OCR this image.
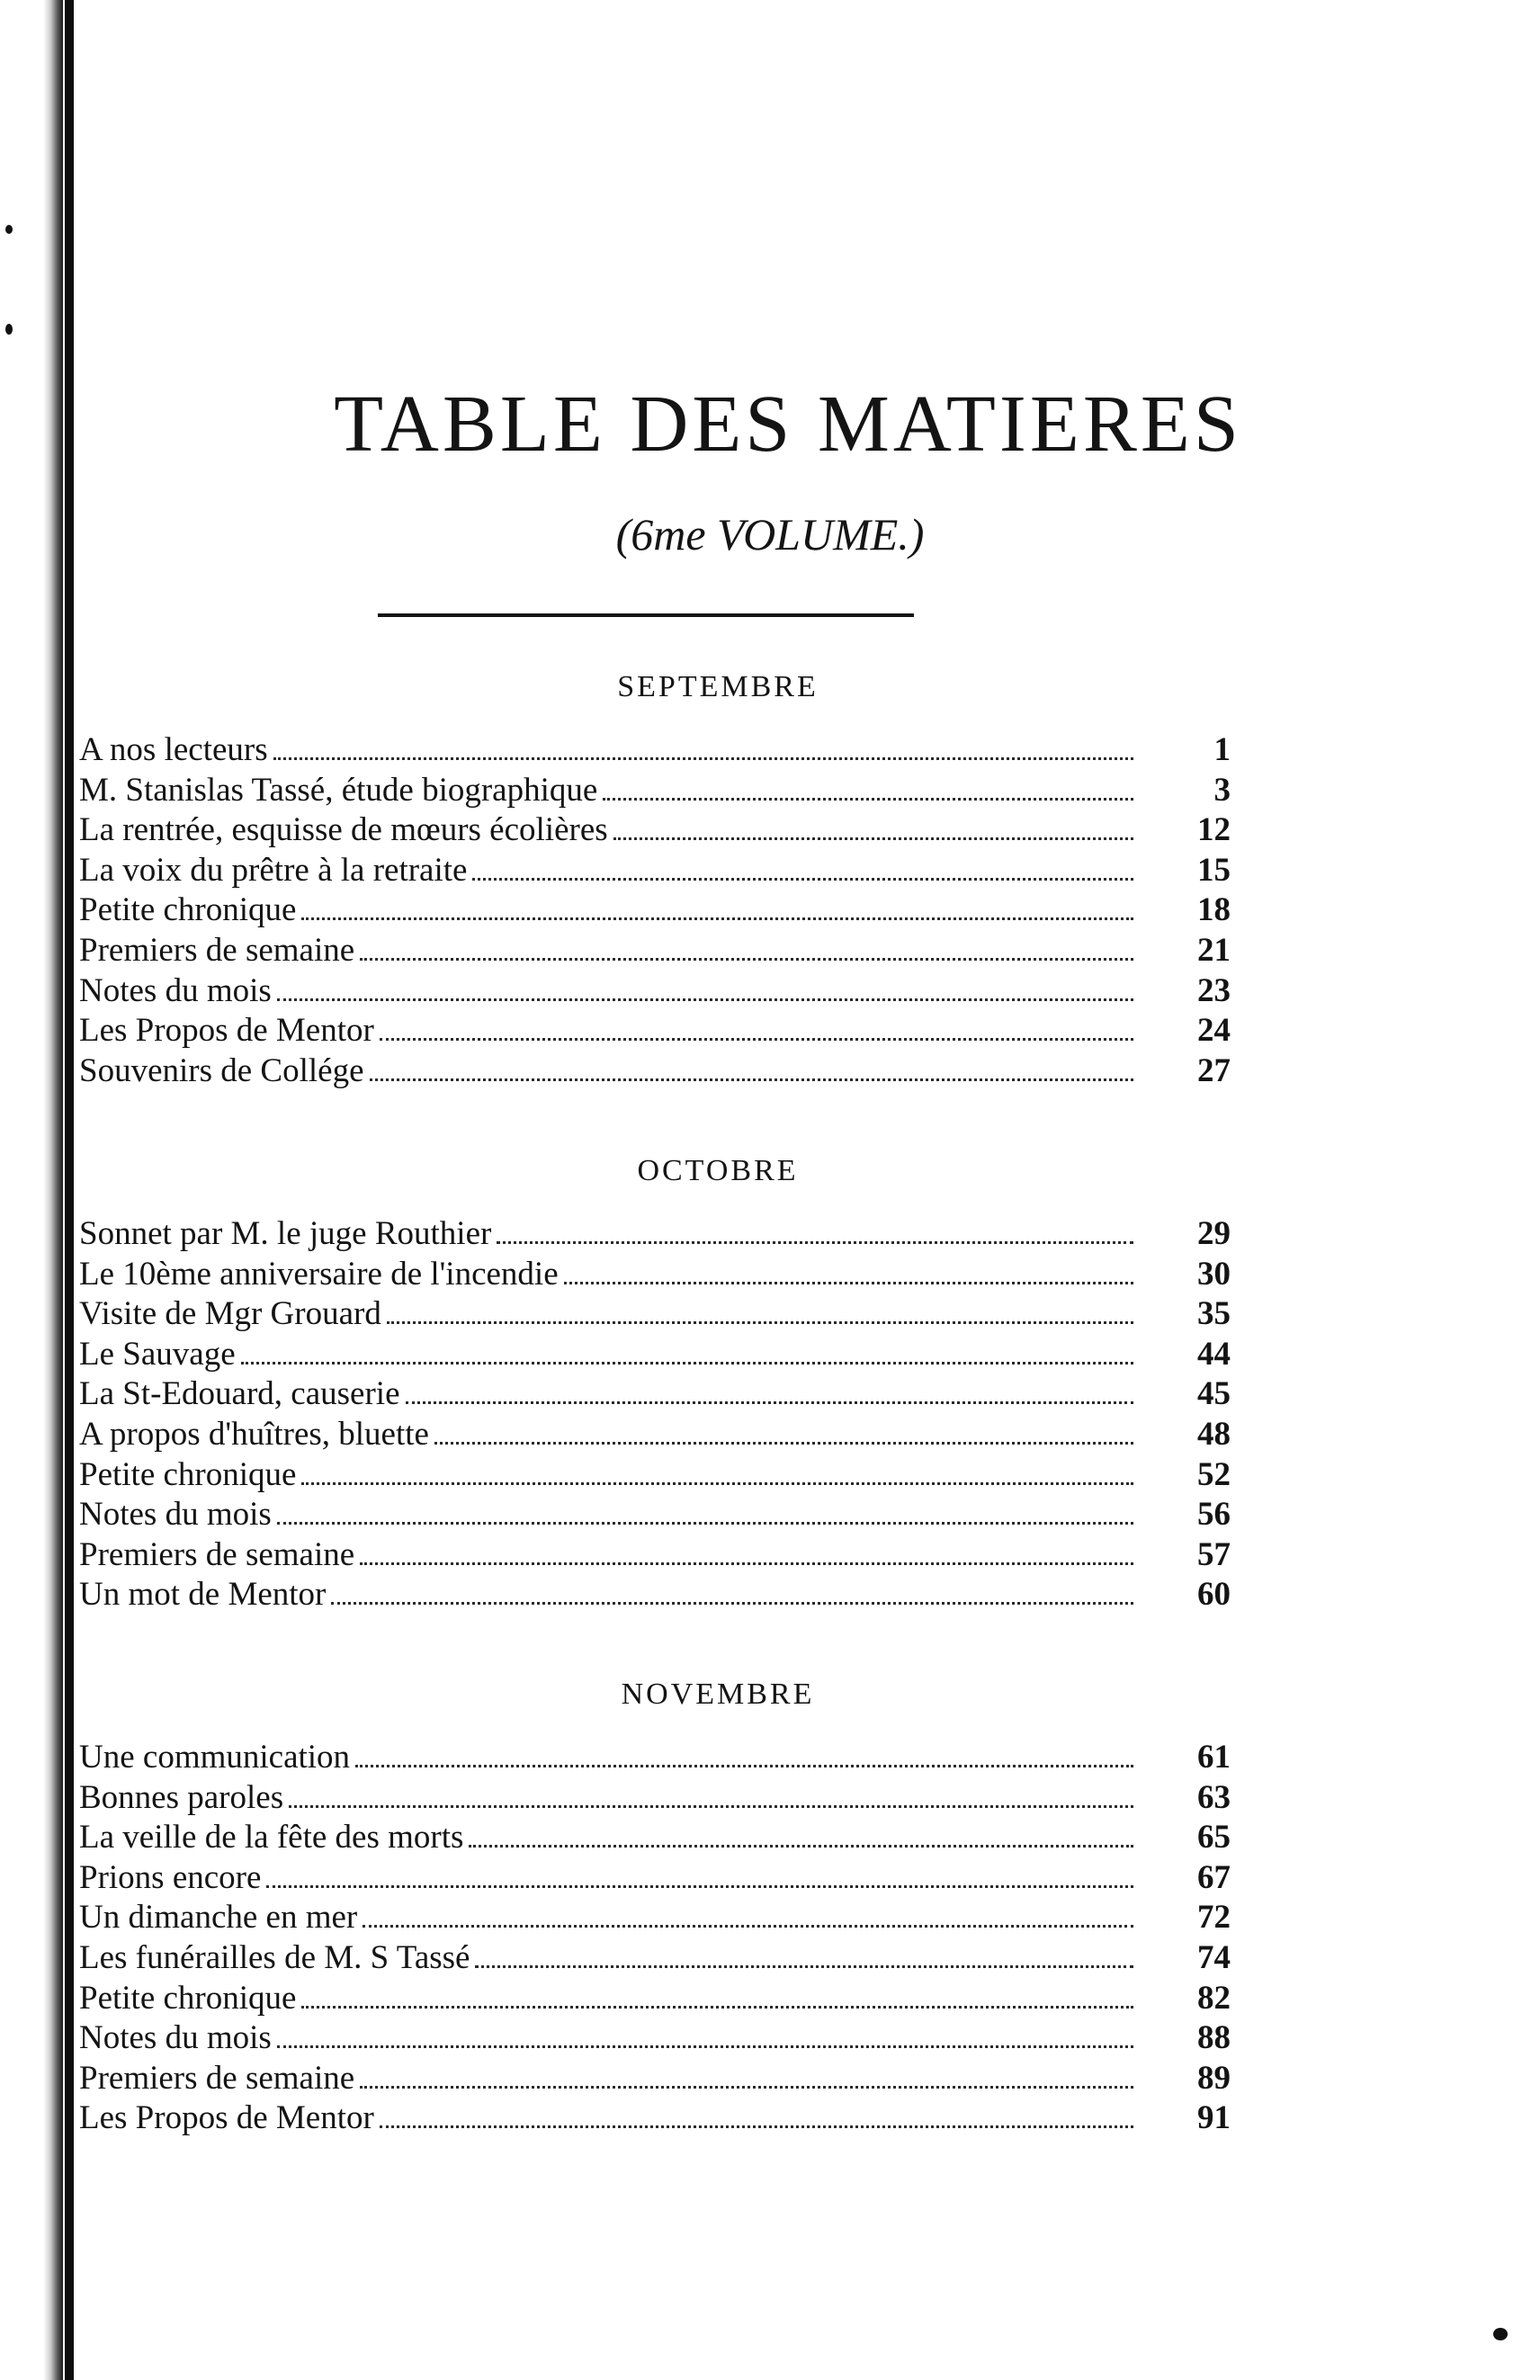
TABLE DES MATIERES
(6me VOLUME.)
SEPTEMBRE
A nos lecteurs	1
M. Stanislas Tassé, étude biographique	3
La rentrée, esquisse de mœurs écolières	12
La voix du prêtre à la retraite	15
Petite chronique	18
Premiers de semaine	21
Notes du mois	23
Les Propos de Mentor	24
Souvenirs de Collége	27
OCTOBRE
Sonnet par M. le juge Routhier	29
Le 10ème anniversaire de l'incendie	30
Visite de Mgr Grouard	35
Le Sauvage	44
La St-Edouard, causerie	45
A propos d'huîtres, bluette	48
Petite chronique	52
Notes du mois	56
Premiers de semaine	57
Un mot de Mentor	60
NOVEMBRE
Une communication	61
Bonnes paroles	63
La veille de la fête des morts	65
Prions encore	67
Un dimanche en mer	72
Les funérailles de M. S Tassé	74
Petite chronique	82
Notes du mois	88
Premiers de semaine	89
Les Propos de Mentor	91
